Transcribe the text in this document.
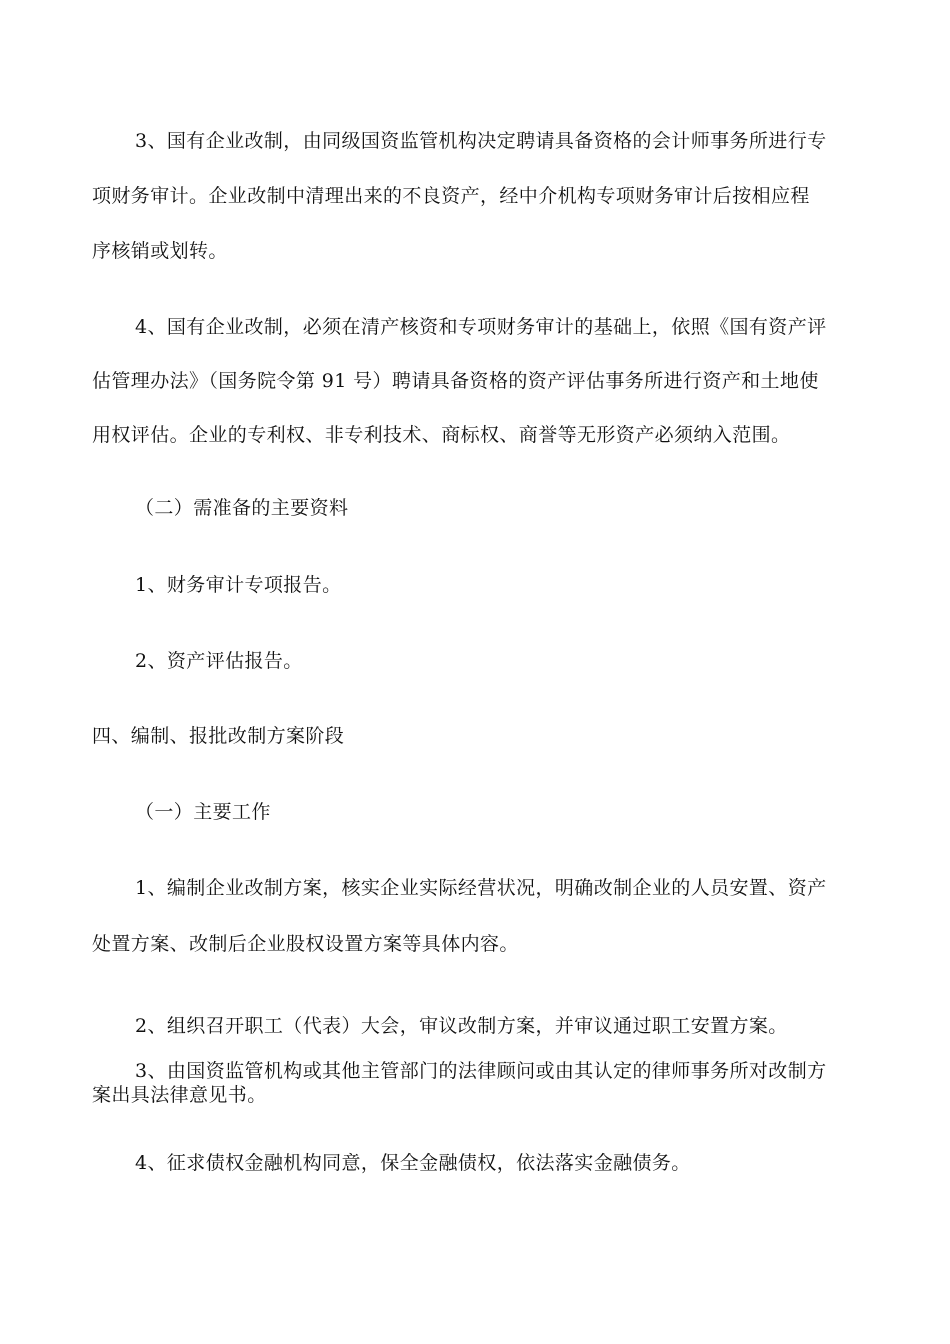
3、国有企业改制，由同级国资监管机构决定聘请具备资格的会计师事务所进行专
项财务审计。企业改制中清理出来的不良资产，经中介机构专项财务审计后按相应程
序核销或划转。
4、国有企业改制，必须在清产核资和专项财务审计的基础上，依照《国有资产评
估管理办法》（国务院令第 91 号）聘请具备资格的资产评估事务所进行资产和土地使
用权评估。企业的专利权、非专利技术、商标权、商誉等无形资产必须纳入范围。
（二）需准备的主要资料
1、财务审计专项报告。
2、资产评估报告。
四、编制、报批改制方案阶段
（一）主要工作
1、编制企业改制方案，核实企业实际经营状况，明确改制企业的人员安置、资产
处置方案、改制后企业股权设置方案等具体内容。
2、组织召开职工（代表）大会，审议改制方案，并审议通过职工安置方案。
3、由国资监管机构或其他主管部门的法律顾问或由其认定的律师事务所对改制方
案出具法律意见书。
4、征求债权金融机构同意，保全金融债权，依法落实金融债务。
